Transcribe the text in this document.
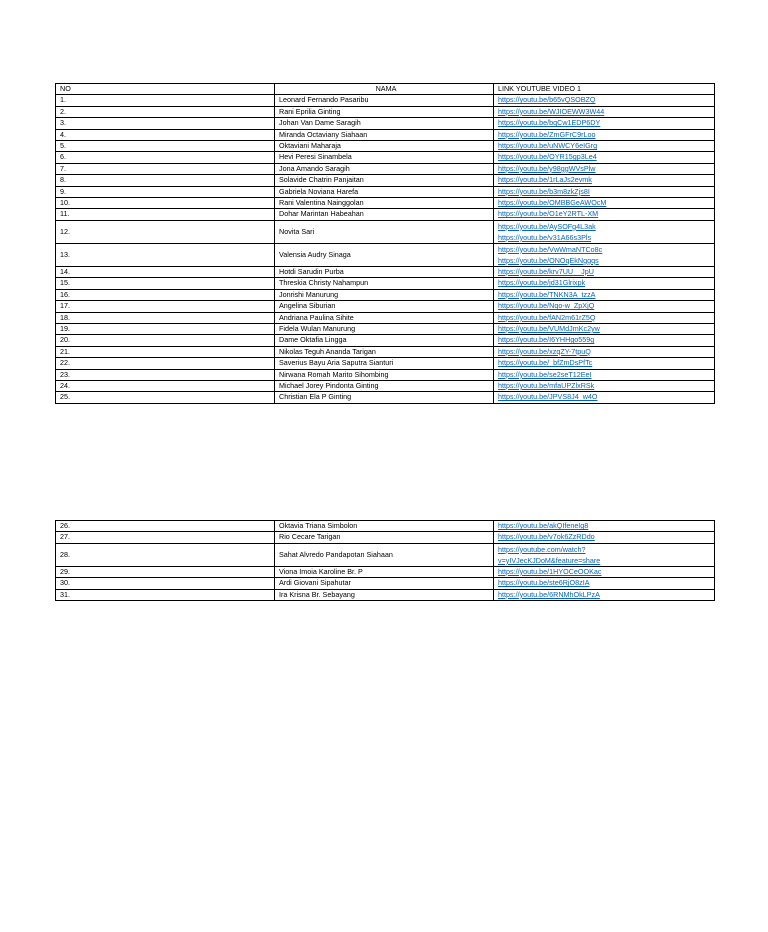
NO	NAMA	LINK YOUTUBE VIDEO 1
1.	Leonard Fernando Pasaribu	https://youtu.be/b65vQSOBZQ

2.	Rani Eprilia Ginting	https://youtu.be/WJIOEWW3W44

3.	Johan Van Dame Saragih	https://youtu.be/bqCw1EDP6DY

4.	Miranda Octaviany Siahaan	https://youtu.be/ZmGFrC9rLoo

5.	Oktaviani Maharaja	https://youtu.be/uNWCY6eIGrg

6.	Hevi Peresi Sinambela	https://youtu.be/OYR15gp3Le4

7.	Jona Amando Saragih	https://youtu.be/y98ggWVsPlw

8.	Solavide Chatrin Panjaitan	https://youtu.be/1rLaJs2evmk

9.	Gabriela Noviana Harefa	https://youtu.be/b3m8zkZjs8I

10.	Rani Valentina Nainggolan	https://youtu.be/OMBBGeAWOcM

11.	Dohar Marintan Habeahan	https://youtu.be/O1eY2RTL-XM

12.	Novita Sari	https://youtu.be/AySOFg4L3ak
https://youtu.be/v31A66s3Pls

13.	Valensia Audry Sinaga	https://youtu.be/VwWmaNTCo8c
https://youtu.be/ONOqEkNggqs

14.	Hotdi Sarudin Purba	https://youtu.be/krv7UU__JpU

15.	Threskia Christy Nahampun	https://youtu.be/jd31Glrixpk

16.	Jonrishi Manurung	https://youtu.be/TNKN3A_tzzA

17.	Angelina Siburian	https://youtu.be/Nqo-w_ZpXjQ

18.	Andriana Paulina Sihite	https://youtu.be/fAN2m61rZ5Q

19.	Fidela Wulan Manurung	https://youtu.be/VUMdJmKc2yw

20.	Dame Oktafia Lingga	https://youtu.be/I6YHHgo559g

21.	Nikolas Teguh Ananda Tarigan	https://youtu.be/xzqZY-7tpuQ

22.	Saverius Bayu Aria Saputra Sianturi	https://youtu.be/_bfZmDsPfTc

23.	Nirwana Romah Marito Sihombing	https://youtu.be/se2seT12EeI

24.	Michael Jorey Pindonta Ginting	https://youtu.be/mfaUPZlxRSk

25.	Christian Ela P Ginting	https://youtu.be/JPVS8J4_w4O
26.	Oktavia Triana Simbolon	https://youtu.be/akQIfeneIg8

27.	Rio Cecare Tarigan	https://youtu.be/v7ok6ZzRDdo

28.	Sahat Alvredo Pandapotan Siahaan	https://youtube.com/watch?
v=yIVJecKJDoM&feature=share

29.	Viona Imoia Karoline Br. P	https://youtu.be/1HYOCeOOKac

30.	Ardi Giovani Sipahutar	https://youtu.be/ste6RjO8zIA

31.	Ira Krisna Br. Sebayang	https://youtu.be/6RNMhOkLPzA
